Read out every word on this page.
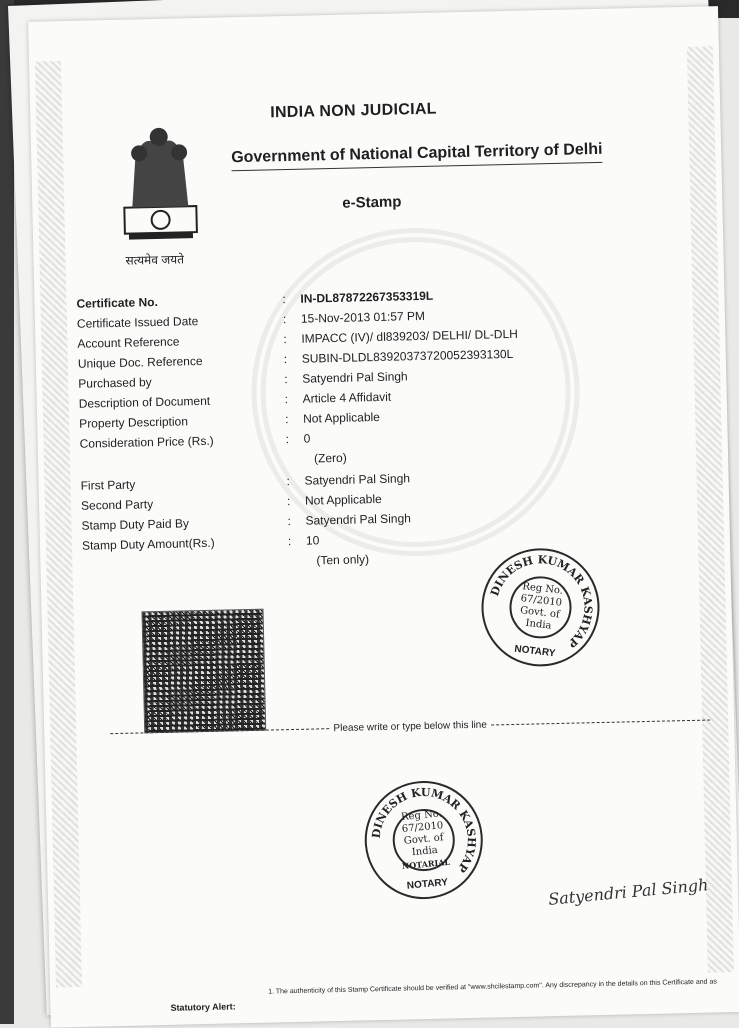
INDIA NON JUDICIAL
Government of National Capital Territory of Delhi
e-Stamp
सत्यमेव जयते
Certificate No.	: IN-DL87872267353319L
Certificate Issued Date	: 15-Nov-2013 01:57 PM
Account Reference	: IMPACC (IV)/ dl839203/ DELHI/ DL-DLH
Unique Doc. Reference	: SUBIN-DLDL83920373720052393130L
Purchased by	: Satyendri Pal Singh
Description of Document	: Article 4 Affidavit
Property Description	: Not Applicable
Consideration Price (Rs.)	: 0
(Zero)
First Party	: Satyendri Pal Singh
Second Party	: Not Applicable
Stamp Duty Paid By	: Satyendri Pal Singh
Stamp Duty Amount(Rs.)	: 10
(Ten only)
DINESH KUMAR KASHYAP
Reg No.
67/2010
Govt. of India
NOTARY
Please write or type below this line
DINESH KUMAR KASHYAP
Reg No.
67/2010
Govt. of India
NOTARIAL
NOTARY	Satyendri Pal Singh
Statutory Alert:
1. The authenticity of this Stamp Certificate should be verified at "www.shcilestamp.com". Any discrepancy in the details on this Certificate and as
